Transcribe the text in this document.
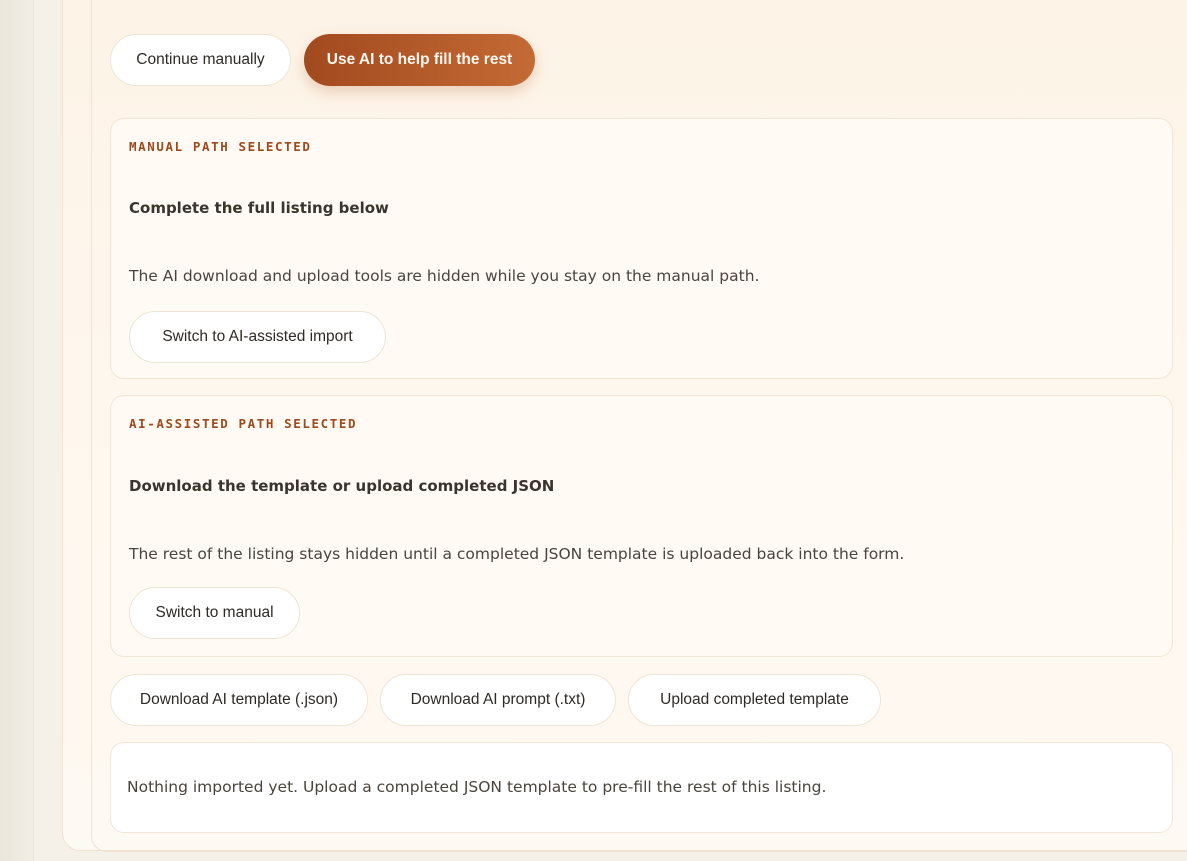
Continue manually	Use AI to help fill the rest
MANUAL PATH SELECTED
Complete the full listing below
The AI download and upload tools are hidden while you stay on the manual path.
Switch to AI-assisted import
AI-ASSISTED PATH SELECTED
Download the template or upload completed JSON
The rest of the listing stays hidden until a completed JSON template is uploaded back into the form.
Switch to manual
Download AI template (.json)	Download AI prompt (.txt)	Upload completed template
Nothing imported yet. Upload a completed JSON template to pre-fill the rest of this listing.
